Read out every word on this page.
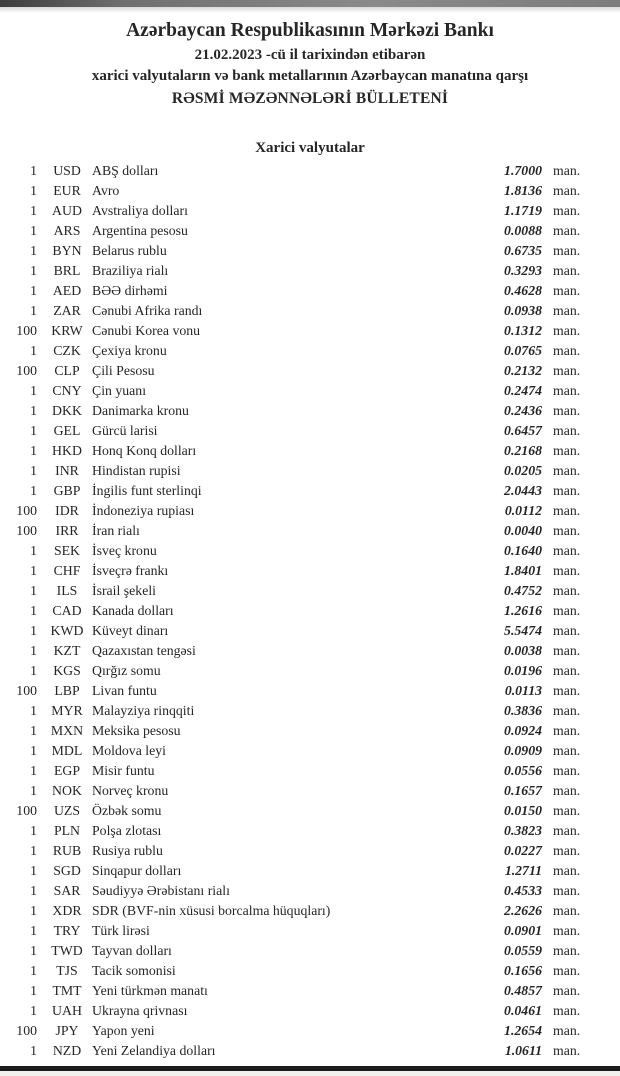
Azərbaycan Respublikasının Mərkəzi Bankı
21.02.2023 -cü il tarixindən etibarən
xarici valyutaların və bank metallarının Azərbaycan manatına qarşı
RƏSMİ MƏZƏNNƏLƏRİ BÜLLETENİ
Xarici valyutalar
1	USD ABŞ dolları	1.7000 man.
1	EUR Avro	1.8136 man.
1	AUD Avstraliya dolları	1.1719 man.
1	ARS Argentina pesosu	0.0088 man.
1	BYN Belarus rublu	0.6735 man.
1	BRL Braziliya rialı	0.3293 man.
1	AED BƏƏ dirhəmi	0.4628 man.
1	ZAR Cənubi Afrika randı	0.0938 man.
100	KRW Cənubi Korea vonu	0.1312 man.
1	CZK Çexiya kronu	0.0765 man.
100	CLP Çili Pesosu	0.2132 man.
1	CNY Çin yuanı	0.2474 man.
1	DKK Danimarka kronu	0.2436 man.
1	GEL Gürcü larisi	0.6457 man.
1	HKD Honq Konq dolları	0.2168 man.
1	INR Hindistan rupisi	0.0205 man.
1	GBP İngilis funt sterlinqi	2.0443 man.
100	IDR İndoneziya rupiası	0.0112 man.
100	IRR İran rialı	0.0040 man.
1	SEK İsveç kronu	0.1640 man.
1	CHF İsveçrə frankı	1.8401 man.
1	ILS	İsrail şekeli	0.4752 man.
1	CAD Kanada dolları	1.2616 man.
1 KWD Küveyt dinarı	5.5474 man.
1	KZT Qazaxıstan tengəsi	0.0038 man.
1	KGS Qırğız somu	0.0196 man.
100	LBP Livan funtu	0.0113 man.
1	MYR Malayziya rinqqiti	0.3836 man.
1	MXN Meksika pesosu	0.0924 man.
1	MDL Moldova leyi	0.0909 man.
1	EGP Misir funtu	0.0556 man.
1	NOK Norveç kronu	0.1657 man.
100	UZS Özbək somu	0.0150 man.
1	PLN Polşa zlotası	0.3823 man.
1	RUB Rusiya rublu	0.0227 man.
1	SGD Sinqapur dolları	1.2711 man.
1	SAR Səudiyyə Ərəbistanı rialı	0.4533 man.
1	XDR SDR (BVF-nin xüsusi borcalma hüquqları)	2.2626 man.
1	TRY Türk lirəsi	0.0901 man.
1	TWD Tayvan dolları	0.0559 man.
1	TJS	Tacik somonisi	0.1656 man.
1	TMT Yeni türkmən manatı	0.4857 man.
1	UAH Ukrayna qrivnası	0.0461 man.
100	JPY Yapon yeni	1.2654 man.
1	NZD Yeni Zelandiya dolları	1.0611 man.
